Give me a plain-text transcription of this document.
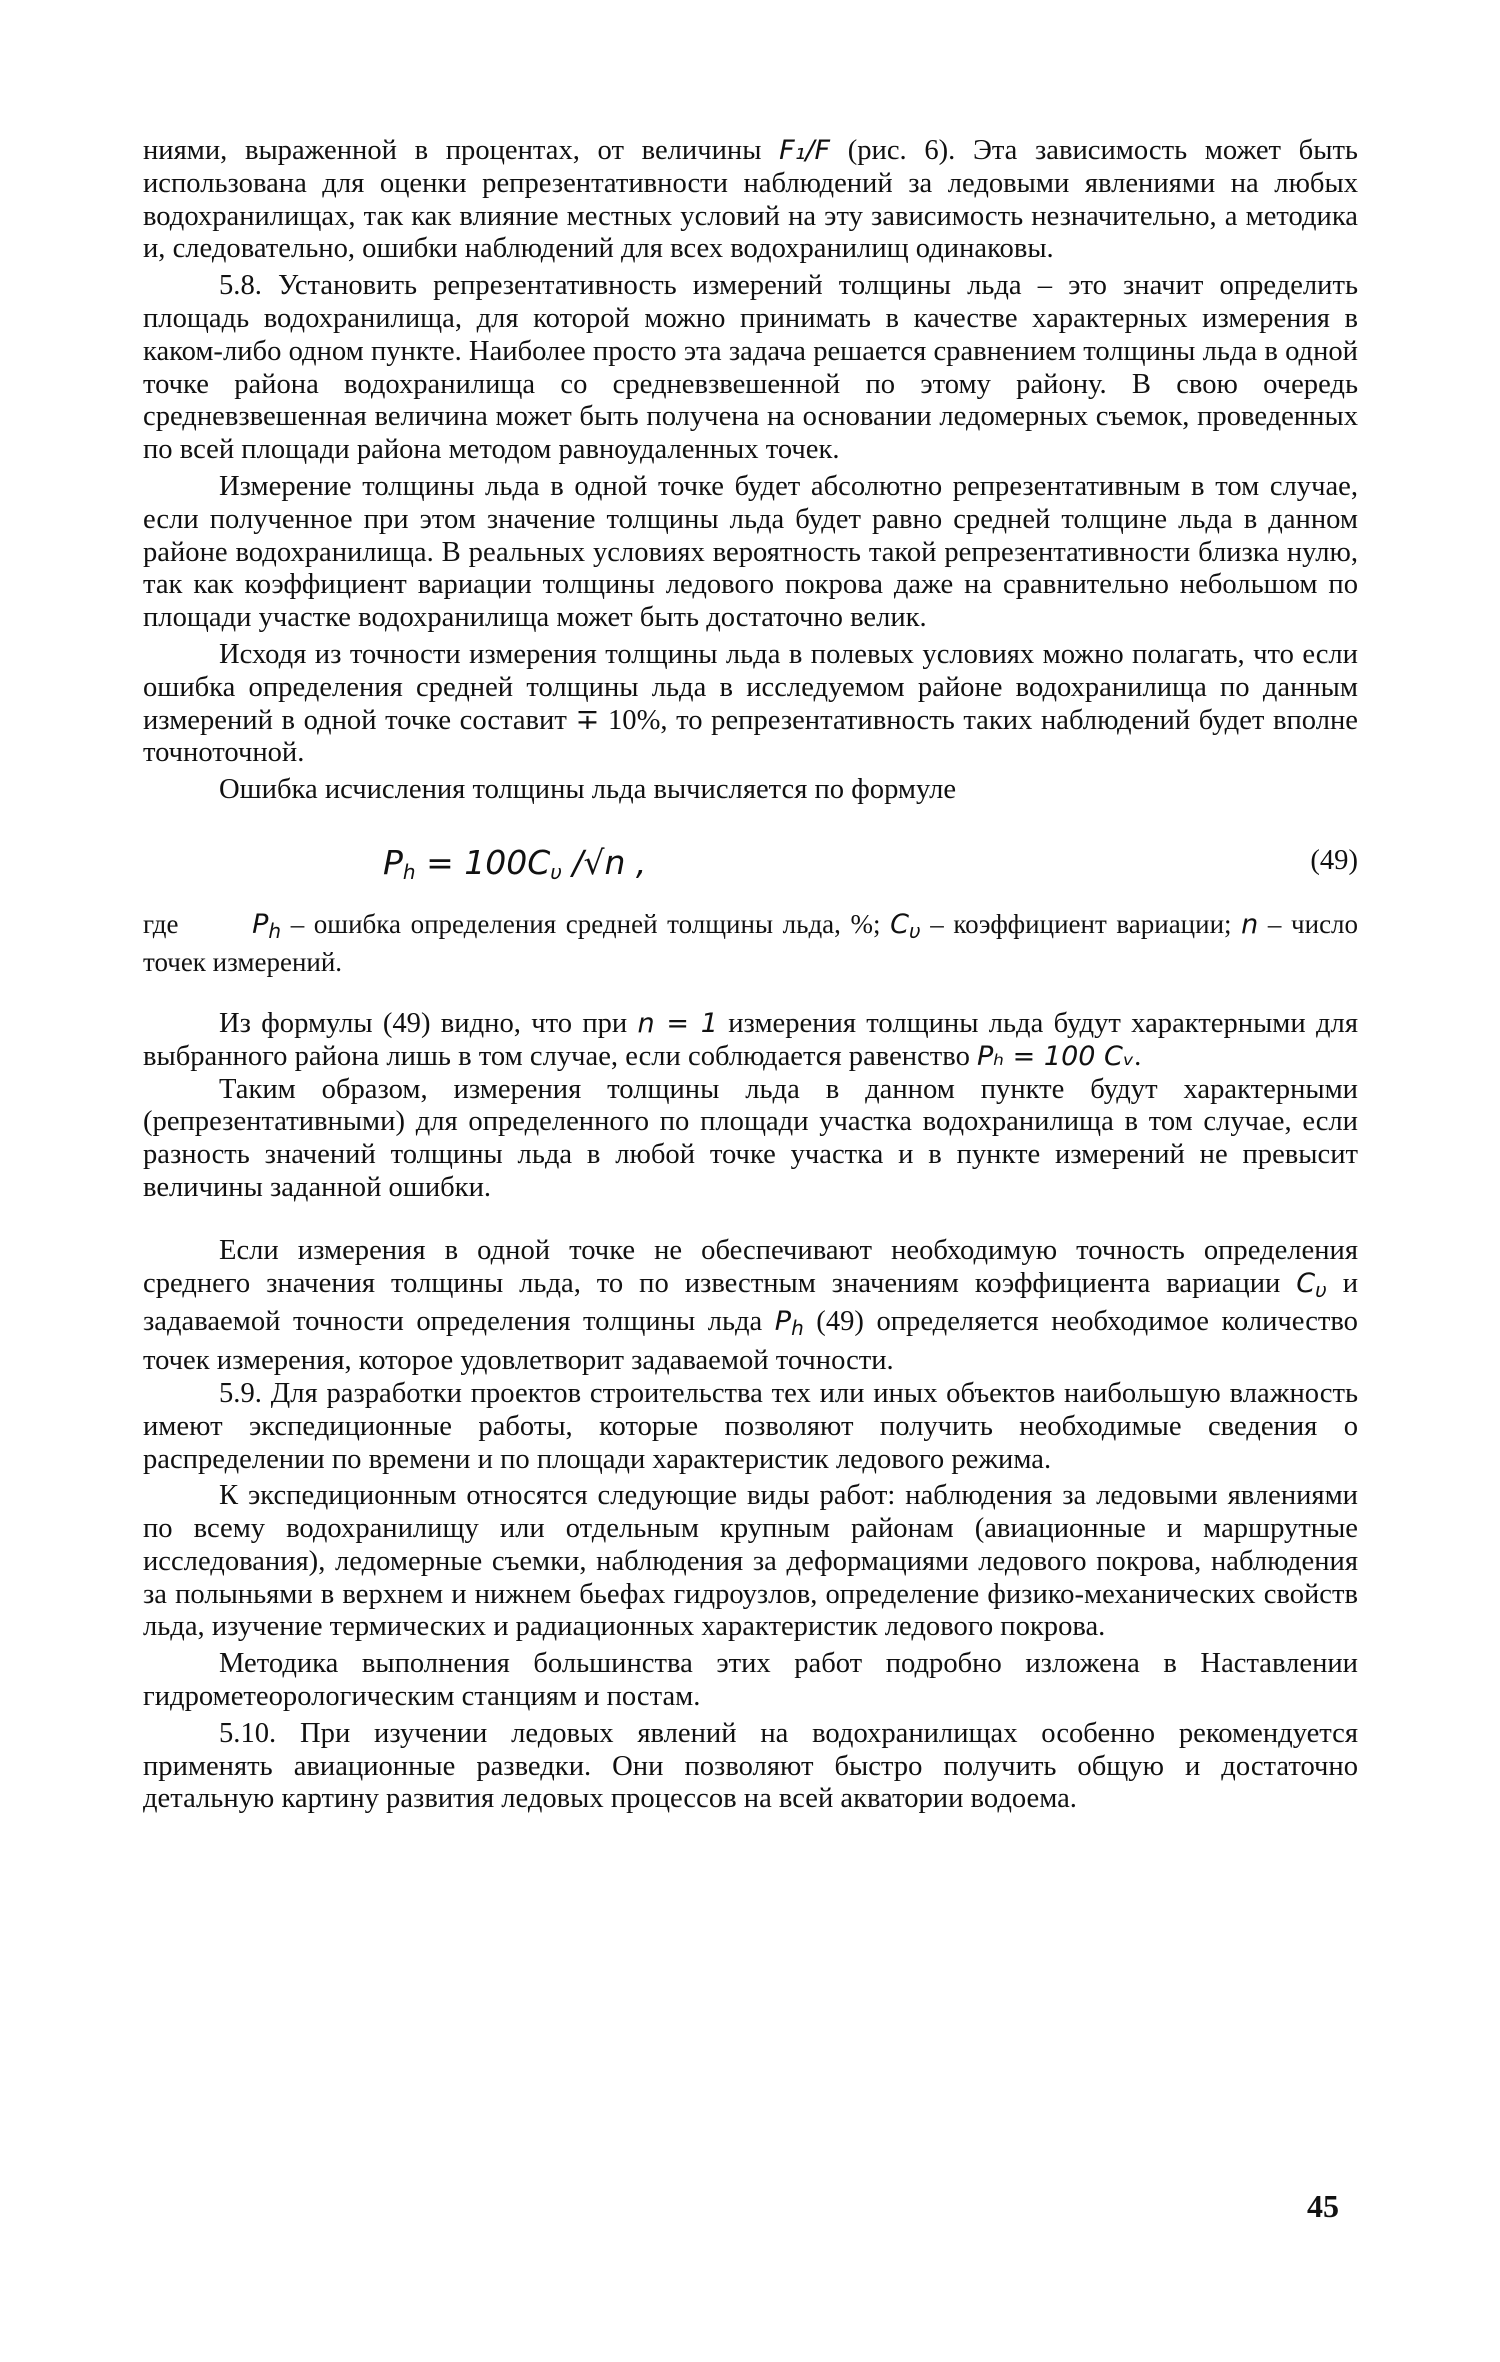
ниями, выраженной в процентах, от величины F₁/F (рис. 6). Эта зависимость может быть использована для оценки репрезентативности наблюдений за ледовыми явлениями на любых водохранилищах, так как влияние местных условий на эту зависимость незначительно, а методика и, следовательно, ошибки наблюдений для всех водохранилищ одинаковы.

5.8. Установить репрезентативность измерений толщины льда – это значит определить площадь водохранилища, для которой можно принимать в качестве характерных измерения в каком-либо одном пункте. Наиболее просто эта задача решается сравнением толщины льда в одной точке района водохранилища со средневзвешенной по этому району. В свою очередь средневзвешенная величина может быть получена на основании ледомерных съемок, проведенных по всей площади района методом равноудаленных точек.

Измерение толщины льда в одной точке будет абсолютно репрезентативным в том случае, если полученное при этом значение толщины льда будет равно средней толщине льда в данном районе водохранилища. В реальных условиях вероятность такой репрезентативности близка нулю, так как коэффициент вариации толщины ледового покрова даже на сравнительно небольшом по площади участке водохранилища может быть достаточно велик.

Исходя из точности измерения толщины льда в полевых условиях можно полагать, что если ошибка определения средней толщины льда в исследуемом районе водохранилища по данным измерений в одной точке составит ∓ 10%, то репрезентативность таких наблюдений будет вполне точноточной.

Ошибка исчисления толщины льда вычисляется по формуле

$P_h = 100C_\upsilon$ /√n ,	(49)

где	$P_h$ – ошибка определения средней толщины льда, %; $C_\upsilon$ – коэффициент вариации; n – число точек измерений.

Из формулы (49) видно, что при n = 1 измерения толщины льда будут характерными для выбранного района лишь в том случае, если соблюдается равенство Pₕ = 100 Cᵥ.

Таким образом, измерения толщины льда в данном пункте будут характерными (репрезентативными) для определенного по площади участка водохранилища в том случае, если разность значений толщины льда в любой точке участка и в пункте измерений не превысит величины заданной ошибки.

Если измерения в одной точке не обеспечивают необходимую точность определения среднего значения толщины льда, то по известным значениям коэффициента вариации $C_\upsilon$ и задаваемой точности определения толщины льда $P_h$ (49) определяется необходимое количество точек измерения, которое удовлетворит задаваемой точности.

5.9. Для разработки проектов строительства тех или иных объектов наибольшую влажность имеют экспедиционные работы, которые позволяют получить необходимые сведения о распределении по времени и по площади характеристик ледового режима.

К экспедиционным относятся следующие виды работ: наблюдения за ледовыми явлениями по всему водохранилищу или отдельным крупным районам (авиационные и маршрутные исследования), ледомерные съемки, наблюдения за деформациями ледового покрова, наблюдения за полыньями в верхнем и нижнем бьефах гидроузлов, определение физико-механических свойств льда, изучение термических и радиационных характеристик ледового покрова.

Методика выполнения большинства этих работ подробно изложена в Наставлении гидрометеорологическим станциям и постам.

5.10. При изучении ледовых явлений на водохранилищах особенно рекомендуется применять авиационные разведки. Они позволяют быстро получить общую и достаточно детальную картину развития ледовых процессов на всей акватории водоема.

45
